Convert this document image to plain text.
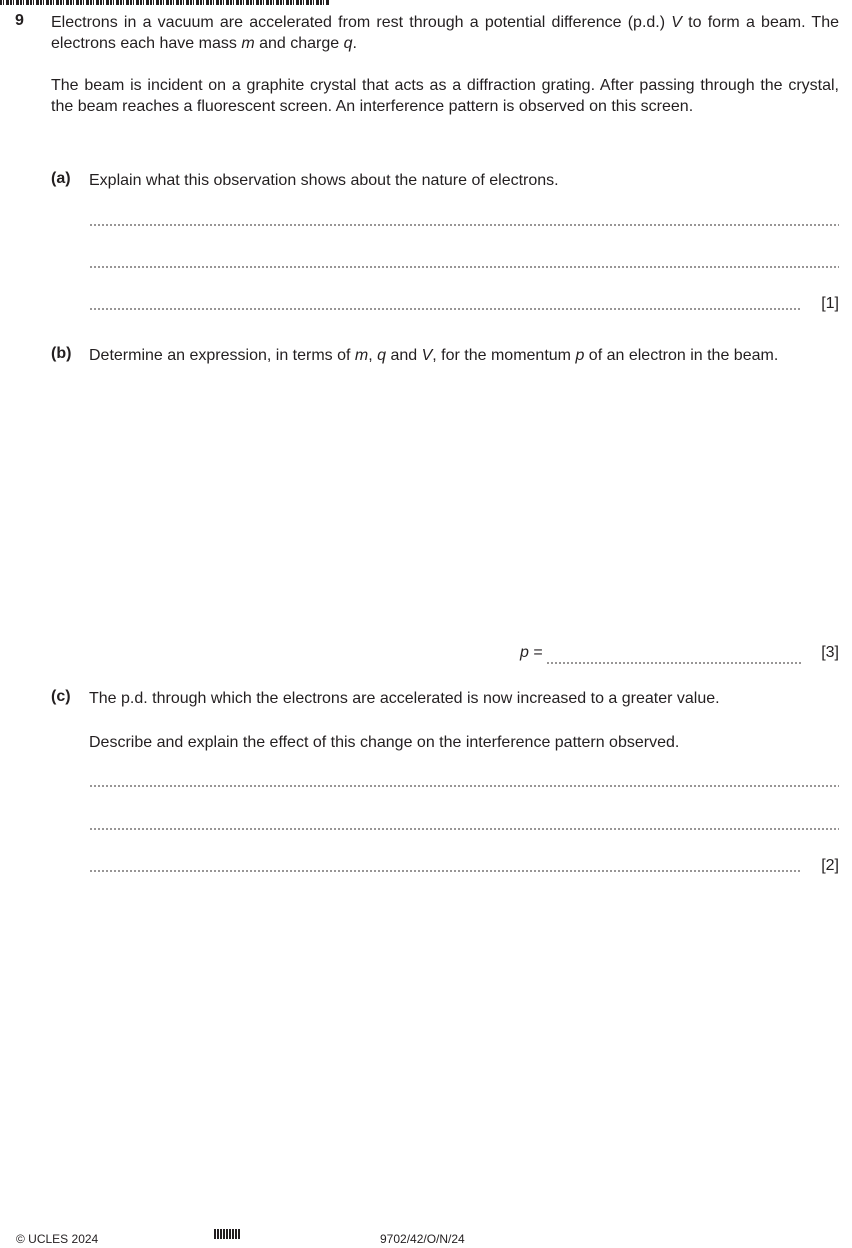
9 Electrons in a vacuum are accelerated from rest through a potential difference (p.d.) V to form a beam. The electrons each have mass m and charge q.
The beam is incident on a graphite crystal that acts as a diffraction grating. After passing through the crystal, the beam reaches a fluorescent screen. An interference pattern is observed on this screen.
(a) Explain what this observation shows about the nature of electrons.
[1]
(b) Determine an expression, in terms of m, q and V, for the momentum p of an electron in the beam.
p =	[3]
(c) The p.d. through which the electrons are accelerated is now increased to a greater value.
Describe and explain the effect of this change on the interference pattern observed.
[2]
© UCLES 2024	9702/42/O/N/24
